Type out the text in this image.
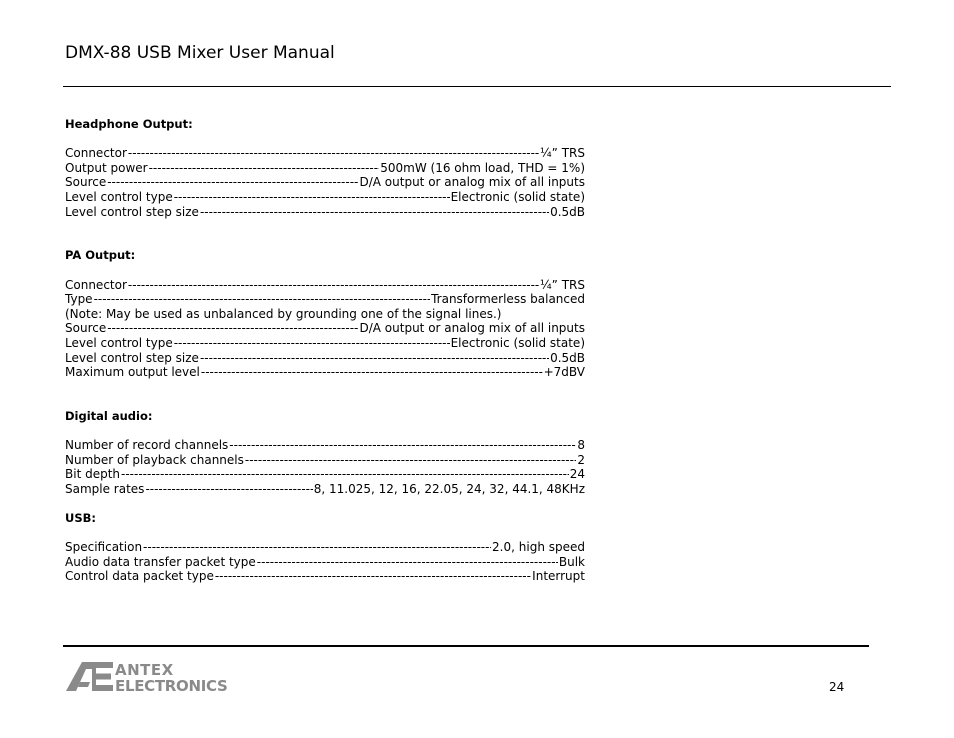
DMX-88 USB Mixer User Manual
Headphone Output:
Connector -----	¼” TRS
Output power -----	500mW (16 ohm load, THD = 1%)
Source -----	D/A output or analog mix of all inputs
Level control type -----	Electronic (solid state)
Level control step size -----	0.5dB
PA Output:
Connector -----	¼” TRS
Type -----	Transformerless balanced
(Note: May be used as unbalanced by grounding one of the signal lines.)
Source -----	D/A output or analog mix of all inputs
Level control type -----	Electronic (solid state)
Level control step size -----	0.5dB
Maximum output level -----	+7dBV
Digital audio:
Number of record channels -----	8
Number of playback channels -----	2
Bit depth -----	24
Sample rates -----	8, 11.025, 12, 16, 22.05, 24, 32, 44.1, 48KHz
USB:
Specification -----	2.0, high speed
Audio data transfer packet type -----	Bulk
Control data packet type -----	Interrupt
ANTEX
ELECTRONICS	24
